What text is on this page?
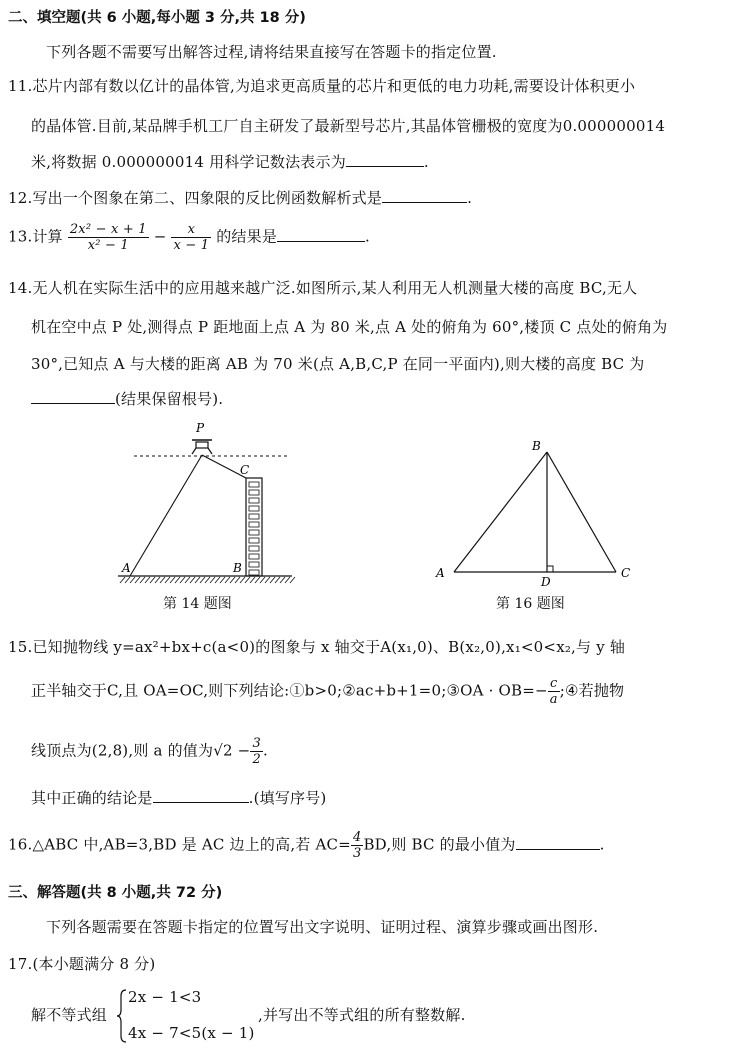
二、填空题(共 6 小题,每小题 3 分,共 18 分)
下列各题不需要写出解答过程,请将结果直接写在答题卡的指定位置.
11.芯片内部有数以亿计的晶体管,为追求更高质量的芯片和更低的电力功耗,需要设计体积更小
的晶体管.目前,某品牌手机工厂自主研发了最新型号芯片,其晶体管栅极的宽度为0.000000014
米,将数据 0.000000014 用科学记数法表示为	.
12.写出一个图象在第二、四象限的反比例函数解析式是	.
13.计算 $\frac{\text{2x² − x + 1}}{\text{x² − 1}} - \frac{x}{x - 1}$ 的结果是	.
14.无人机在实际生活中的应用越来越广泛.如图所示,某人利用无人机测量大楼的高度 BC,无人
机在空中点 P 处,测得点 P 距地面上点 A 为 80 米,点 A 处的俯角为 60°,楼顶 C 点处的俯角为
30°,已知点 A 与大楼的距离 AB 为 70 米(点 A,B,C,P 在同一平面内),则大楼的高度 BC 为
(结果保留根号).
P
C
A	B
第 14 题图
B
A	C
D
第 16 题图
15.已知抛物线 y=ax²+bx+c(a<0)的图象与 x 轴交于A(x₁,0)、B(x₂,0),x₁<0<x₂,与 y 轴
正半轴交于C,且 OA=OC,则下列结论:①b>0;②ac+b+1=0;③OA · $OB=- \frac{c}{a}$ ;④若抛物
线顶点为(2,8),则 a 的值为$√2 - \frac{3}{2}$ .
其中正确的结论是	.(填写序号)
16.△ABC 中,AB=3,BD 是 AC 边上的高,若 $AC= \frac{4}{3}$ BD,则 BC 的最小值为	.
三、解答题(共 8 小题,共 72 分)
下列各题需要在答题卡指定的位置写出文字说明、证明过程、演算步骤或画出图形.
17.(本小题满分 8 分)
解不等式组
2x − 1<3
4x − 7<5(x − 1)
,并写出不等式组的所有整数解.
